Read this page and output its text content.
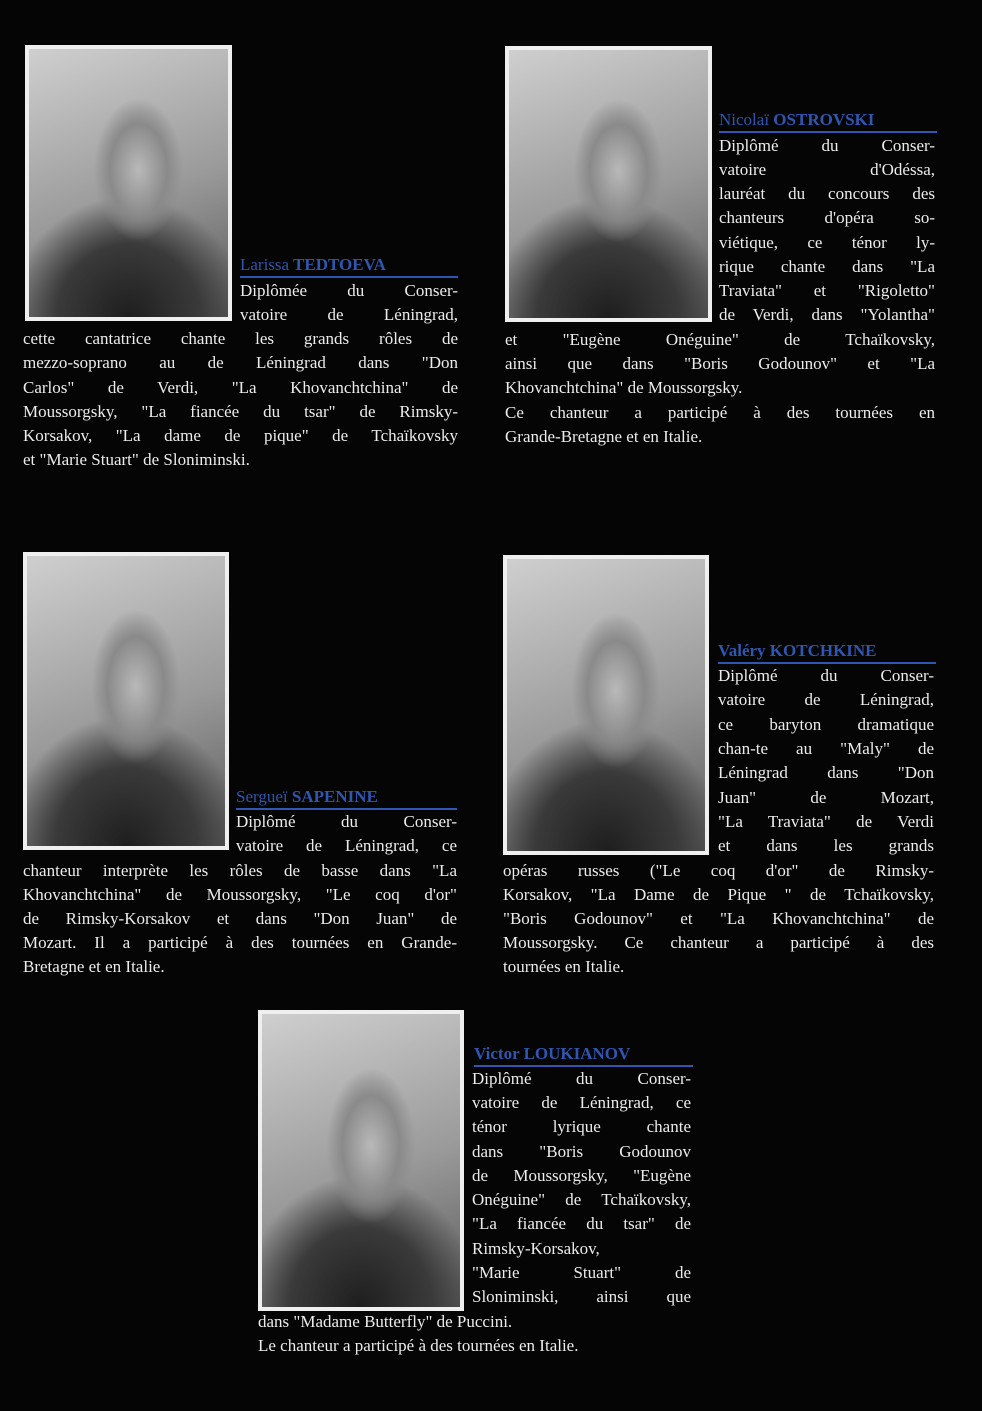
Larissa TEDTOEVA

Diplômée du Conser-

vatoire de Léningrad,

cette cantatrice chante les grands rôles de

mezzo-soprano au de Léningrad dans "Don

Carlos" de Verdi, "La Khovanchtchina" de

Moussorgsky, "La fiancée du tsar" de Rimsky-

Korsakov, "La dame de pique" de Tchaïkovsky

et "Marie Stuart" de Sloniminski.

Nicolaï OSTROVSKI

Diplômé du Conser-

vatoire d'Odéssa,

lauréat du concours des

chanteurs d'opéra so-

viétique, ce ténor ly-

rique chante dans "La

Traviata" et "Rigoletto"

de Verdi, dans "Yolantha"

et "Eugène Onéguine" de Tchaïkovsky,

ainsi que dans "Boris Godounov" et "La

Khovanchtchina" de Moussorgsky.

Ce chanteur a participé à des tournées en

Grande-Bretagne et en Italie.

Sergueï SAPENINE

Diplômé du Conser-

vatoire de Léningrad, ce

chanteur interprète les rôles de basse dans "La

Khovanchtchina" de Moussorgsky, "Le coq d'or"

de Rimsky-Korsakov et dans "Don Juan" de

Mozart. Il a participé à des tournées en Grande-

Bretagne et en Italie.

Valéry KOTCHKINE

Diplômé du Conser-

vatoire de Léningrad,

ce baryton dramatique

chan-te au "Maly" de

Léningrad dans "Don

Juan" de Mozart,

"La Traviata" de Verdi

et dans les grands

opéras russes ("Le coq d'or" de Rimsky-

Korsakov, "La Dame de Pique " de Tchaïkovsky,

"Boris Godounov" et "La Khovanchtchina" de

Moussorgsky. Ce chanteur a participé à des

tournées en Italie.

Victor LOUKIANOV

Diplômé du Conser-

vatoire de Léningrad, ce

ténor lyrique chante

dans "Boris Godounov

de Moussorgsky, "Eugène

Onéguine" de Tchaïkovsky,

"La fiancée du tsar" de

Rimsky-Korsakov,

"Marie Stuart" de

Sloniminski, ainsi que

dans "Madame Butterfly" de Puccini.

Le chanteur a participé à des tournées en Italie.
